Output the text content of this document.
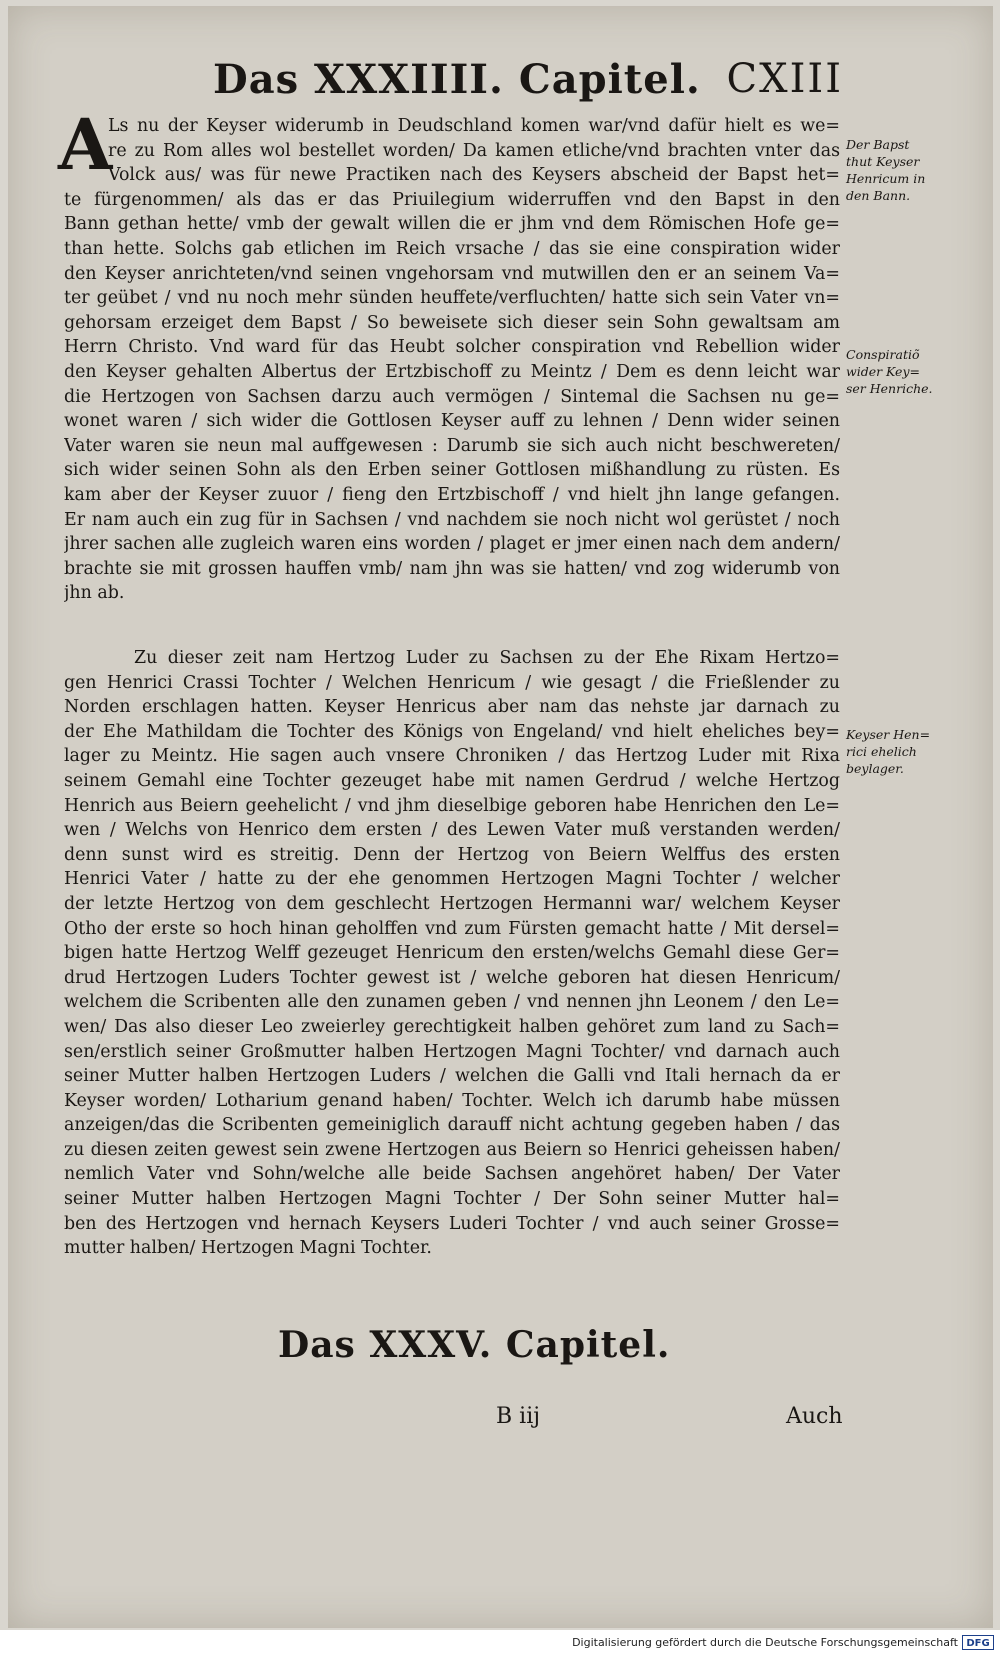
Das XXXIIII. Capitel. CXIII
A
Ls nu der Keyser widerumb in Deudschland komen war/vnd dafür hielt es we=
re zu Rom alles wol bestellet worden/ Da kamen etliche/vnd brachten vnter das
Volck aus/ was für newe Practiken nach des Keysers abscheid der Bapst het=
te fürgenommen/ als das er das Priuilegium widerruffen vnd den Bapst in den
Bann gethan hette/ vmb der gewalt willen die er jhm vnd dem Römischen Hofe ge=
than hette. Solchs gab etlichen im Reich vrsache / das sie eine conspiration wider
den Keyser anrichteten/vnd seinen vngehorsam vnd mutwillen den er an seinem Va=
ter geübet / vnd nu noch mehr sünden heuffete/verfluchten/ hatte sich sein Vater vn=
gehorsam erzeiget dem Bapst / So beweisete sich dieser sein Sohn gewaltsam am
Herrn Christo. Vnd ward für das Heubt solcher conspiration vnd Rebellion wider
den Keyser gehalten Albertus der Ertzbischoff zu Meintz / Dem es denn leicht war
die Hertzogen von Sachsen darzu auch vermögen / Sintemal die Sachsen nu ge=
wonet waren / sich wider die Gottlosen Keyser auff zu lehnen / Denn wider seinen
Vater waren sie neun mal auffgewesen : Darumb sie sich auch nicht beschwereten/
sich wider seinen Sohn als den Erben seiner Gottlosen mißhandlung zu rüsten. Es
kam aber der Keyser zuuor / fieng den Ertzbischoff / vnd hielt jhn lange gefangen.
Er nam auch ein zug für in Sachsen / vnd nachdem sie noch nicht wol gerüstet / noch
jhrer sachen alle zugleich waren eins worden / plaget er jmer einen nach dem andern/
brachte sie mit grossen hauffen vmb/ nam jhn was sie hatten/ vnd zog widerumb von
jhn ab.
Zu dieser zeit nam Hertzog Luder zu Sachsen zu der Ehe Rixam Hertzo=
gen Henrici Crassi Tochter / Welchen Henricum / wie gesagt / die Frießlender zu
Norden erschlagen hatten. Keyser Henricus aber nam das nehste jar darnach zu
der Ehe Mathildam die Tochter des Königs von Engeland/ vnd hielt eheliches bey=
lager zu Meintz. Hie sagen auch vnsere Chroniken / das Hertzog Luder mit Rixa
seinem Gemahl eine Tochter gezeuget habe mit namen Gerdrud / welche Hertzog
Henrich aus Beiern geehelicht / vnd jhm dieselbige geboren habe Henrichen den Le=
wen / Welchs von Henrico dem ersten / des Lewen Vater muß verstanden werden/
denn sunst wird es streitig. Denn der Hertzog von Beiern Welffus des ersten
Henrici Vater / hatte zu der ehe genommen Hertzogen Magni Tochter / welcher
der letzte Hertzog von dem geschlecht Hertzogen Hermanni war/ welchem Keyser
Otho der erste so hoch hinan geholffen vnd zum Fürsten gemacht hatte / Mit dersel=
bigen hatte Hertzog Welff gezeuget Henricum den ersten/welchs Gemahl diese Ger=
drud Hertzogen Luders Tochter gewest ist / welche geboren hat diesen Henricum/
welchem die Scribenten alle den zunamen geben / vnd nennen jhn Leonem / den Le=
wen/ Das also dieser Leo zweierley gerechtigkeit halben gehöret zum land zu Sach=
sen/erstlich seiner Großmutter halben Hertzogen Magni Tochter/ vnd darnach auch
seiner Mutter halben Hertzogen Luders / welchen die Galli vnd Itali hernach da er
Keyser worden/ Lotharium genand haben/ Tochter. Welch ich darumb habe müssen
anzeigen/das die Scribenten gemeiniglich darauff nicht achtung gegeben haben / das
zu diesen zeiten gewest sein zwene Hertzogen aus Beiern so Henrici geheissen haben/
nemlich Vater vnd Sohn/welche alle beide Sachsen angehöret haben/ Der Vater
seiner Mutter halben Hertzogen Magni Tochter / Der Sohn seiner Mutter hal=
ben des Hertzogen vnd hernach Keysers Luderi Tochter / vnd auch seiner Grosse=
mutter halben/ Hertzogen Magni Tochter.
Der Bapst
thut Keyser
Henricum in
den Bann.
Conspiratiõ
wider Key=
ser Henriche.
Keyser Hen=
rici ehelich
beylager.
Das XXXV. Capitel.
B iij	Auch
Digitalisierung gefördert durch die Deutsche Forschungsgemeinschaft DFG
